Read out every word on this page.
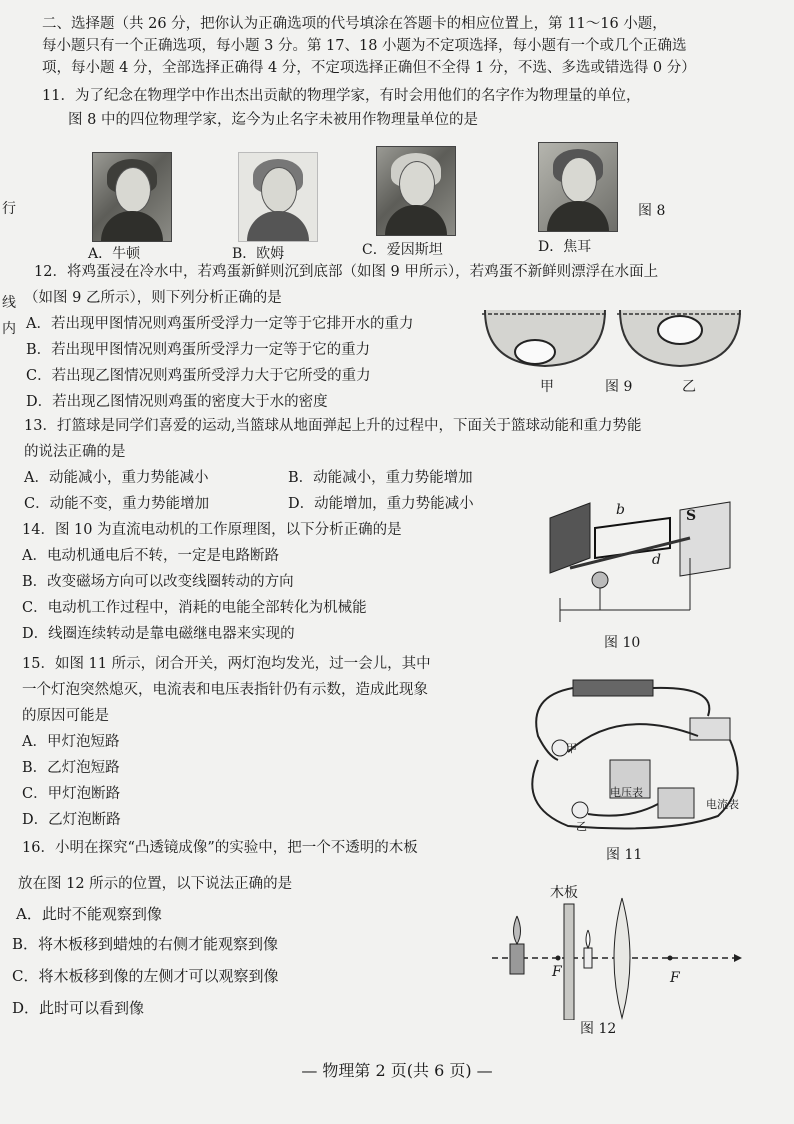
行
线
内
二、选择题（共 26 分，把你认为正确选项的代号填涂在答题卡的相应位置上，第 11～16 小题，
每小题只有一个正确选项，每小题 3 分。第 17、18 小题为不定项选择，每小题有一个或几个正确选
项，每小题 4 分，全部选择正确得 4 分，不定项选择正确但不全得 1 分，不选、多选或错选得 0 分）
11．为了纪念在物理学中作出杰出贡献的物理学家，有时会用他们的名字作为物理量的单位，
图 8 中的四位物理学家，迄今为止名字未被用作物理量单位的是
A．牛顿	B．欧姆	C．爱因斯坦	D．焦耳
图 8
12．将鸡蛋浸在冷水中，若鸡蛋新鲜则沉到底部（如图 9 甲所示），若鸡蛋不新鲜则漂浮在水面上
（如图 9 乙所示），则下列分析正确的是
A．若出现甲图情况则鸡蛋所受浮力一定等于它排开水的重力
B．若出现甲图情况则鸡蛋所受浮力一定等于它的重力
C．若出现乙图情况则鸡蛋所受浮力大于它所受的重力
D．若出现乙图情况则鸡蛋的密度大于水的密度
甲	图 9	乙
13．打篮球是同学们喜爱的运动,当篮球从地面弹起上升的过程中，下面关于篮球动能和重力势能
的说法正确的是
A．动能减小，重力势能减小	B．动能减小，重力势能增加
C．动能不变，重力势能增加	D．动能增加，重力势能减小
14．图 10 为直流电动机的工作原理图，以下分析正确的是
A．电动机通电后不转，一定是电路断路
B．改变磁场方向可以改变线圈转动的方向
C．电动机工作过程中，消耗的电能全部转化为机械能
D．线圈连续转动是靠电磁继电器来实现的
b	S
d
图 10
15．如图 11 所示，闭合开关，两灯泡均发光，过一会儿，其中
一个灯泡突然熄灭，电流表和电压表指针仍有示数，造成此现象
的原因可能是
A．甲灯泡短路
B．乙灯泡短路
C．甲灯泡断路
D．乙灯泡断路
甲
乙
电压表
电流表
图 11
16．小明在探究“凸透镜成像”的实验中，把一个不透明的木板
放在图 12 所示的位置，以下说法正确的是
A．此时不能观察到像
B．将木板移到蜡烛的右侧才能观察到像
C．将木板移到像的左侧才可以观察到像
D．此时可以看到像
木板
F	F
图 12
— 物理第 2 页(共 6 页) —
